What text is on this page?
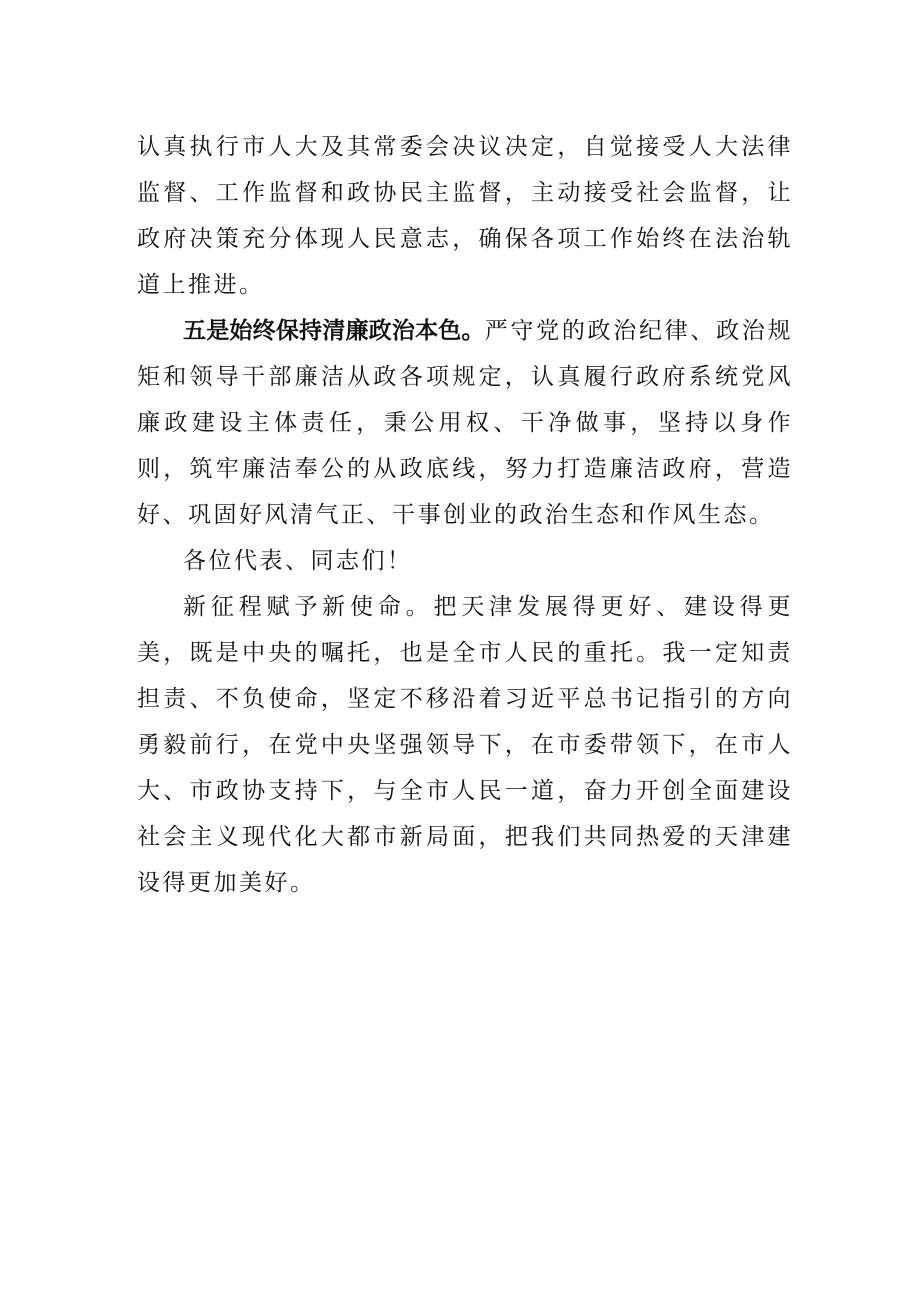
认真执行市人大及其常委会决议决定，自觉接受人大法律监督、工作监督和政协民主监督，主动接受社会监督，让政府决策充分体现人民意志，确保各项工作始终在法治轨道上推进。

五是始终保持清廉政治本色。严守党的政治纪律、政治规矩和领导干部廉洁从政各项规定，认真履行政府系统党风廉政建设主体责任，秉公用权、干净做事，坚持以身作则，筑牢廉洁奉公的从政底线，努力打造廉洁政府，营造好、巩固好风清气正、干事创业的政治生态和作风生态。

各位代表、同志们！

新征程赋予新使命。把天津发展得更好、建设得更美，既是中央的嘱托，也是全市人民的重托。我一定知责担责、不负使命，坚定不移沿着习近平总书记指引的方向勇毅前行，在党中央坚强领导下，在市委带领下，在市人大、市政协支持下，与全市人民一道，奋力开创全面建设社会主义现代化大都市新局面，把我们共同热爱的天津建设得更加美好。
